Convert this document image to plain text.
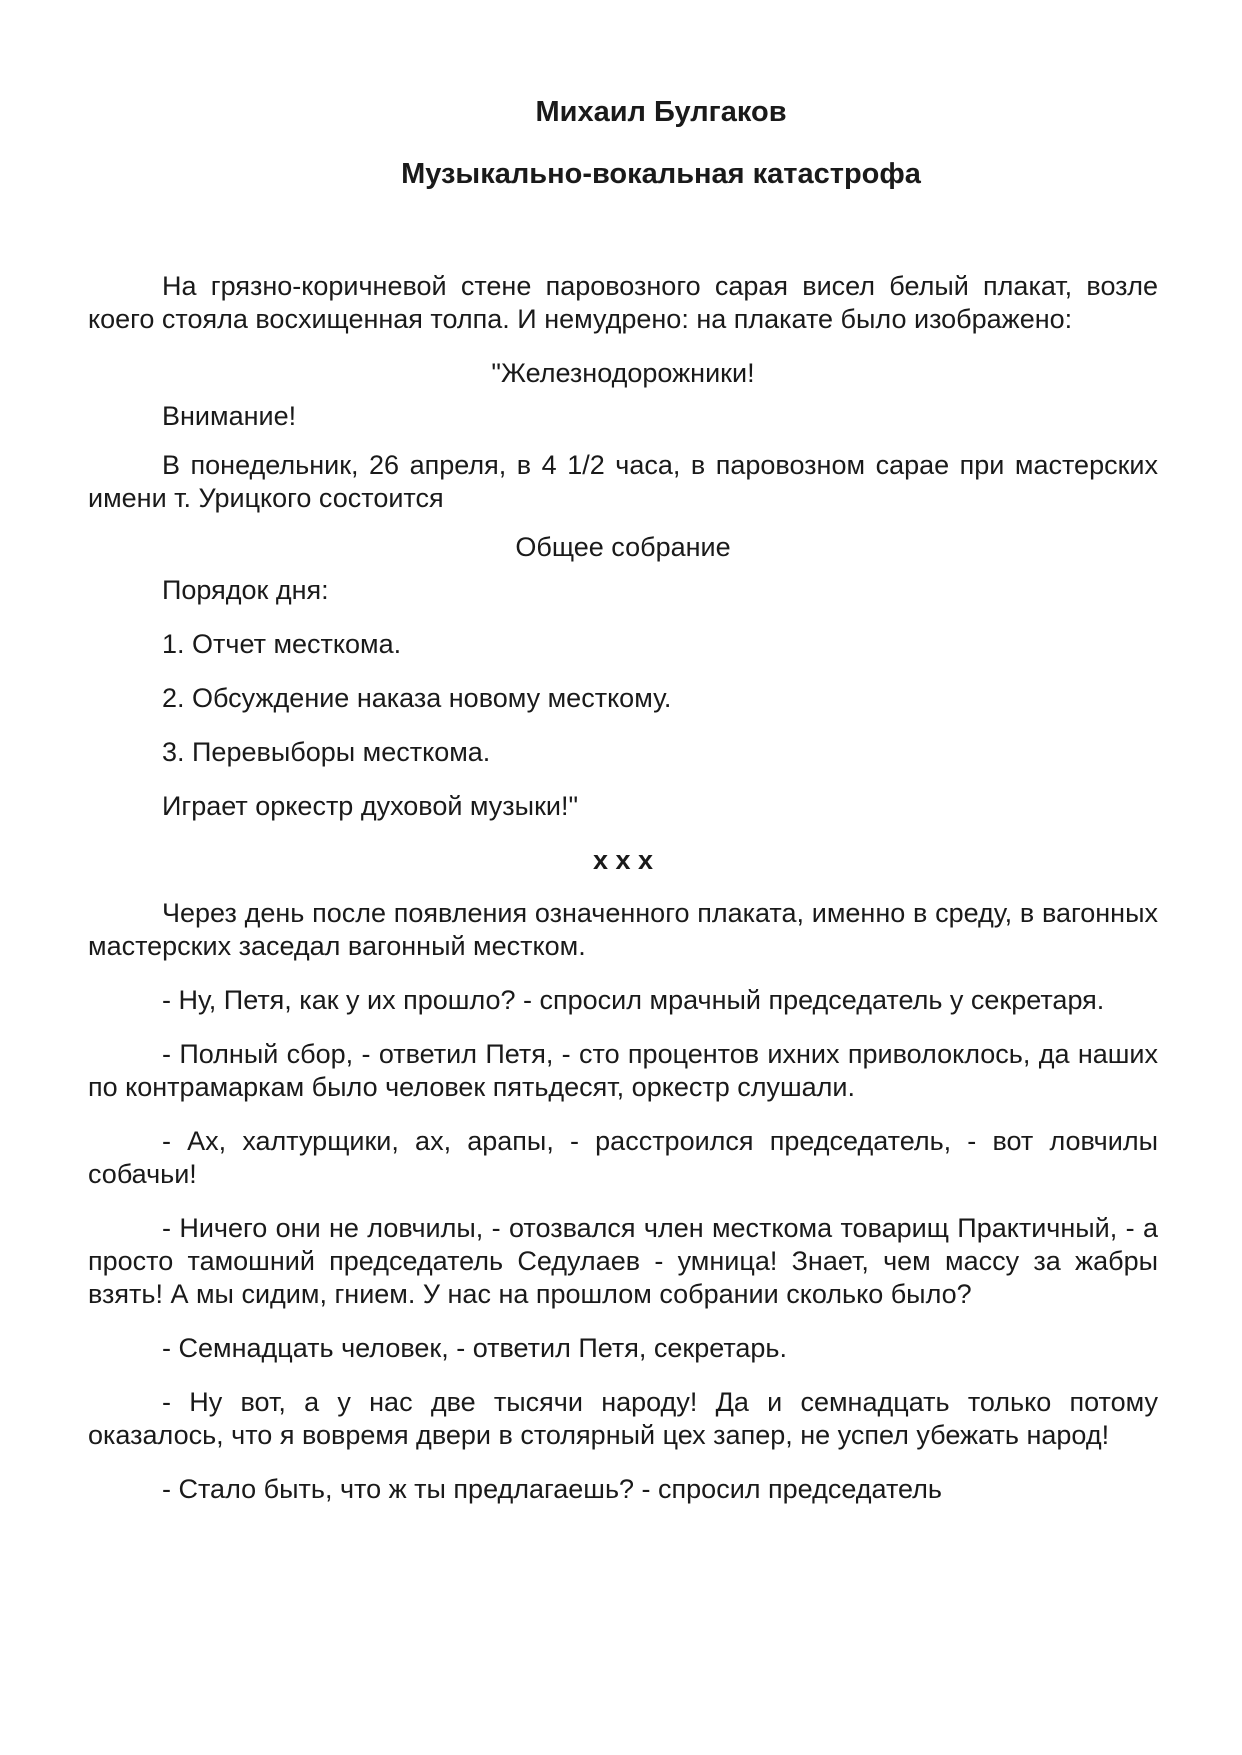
Михаил Булгаков
Музыкально-вокальная катастрофа

На грязно-коричневой стене паровозного сарая висел белый плакат, возле коего стояла восхищенная толпа. И немудрено: на плакате было изображено:

"Железнодорожники!

Внимание!

В понедельник, 26 апреля, в 4 1/2 часа, в паровозном сарае при мастерских имени т. Урицкого состоится

Общее собрание

Порядок дня:

1. Отчет месткома.

2. Обсуждение наказа новому месткому.

3. Перевыборы месткома.

Играет оркестр духовой музыки!"

x x x

Через день после появления означенного плаката, именно в среду, в вагонных мастерских заседал вагонный местком.

- Ну, Петя, как у их прошло? - спросил мрачный председатель у секретаря.

- Полный сбор, - ответил Петя, - сто процентов ихних приволоклось, да наших по контрамаркам было человек пятьдесят, оркестр слушали.

- Ах, халтурщики, ах, арапы, - расстроился председатель, - вот ловчилы собачьи!

- Ничего они не ловчилы, - отозвался член месткома товарищ Практичный, - а просто тамошний председатель Седулаев - умница! Знает, чем массу за жабры взять! А мы сидим, гнием. У нас на прошлом собрании сколько было?

- Семнадцать человек, - ответил Петя, секретарь.

- Ну вот, а у нас две тысячи народу! Да и семнадцать только потому оказалось, что я вовремя двери в столярный цех запер, не успел убежать народ!

- Стало быть, что ж ты предлагаешь? - спросил председатель
